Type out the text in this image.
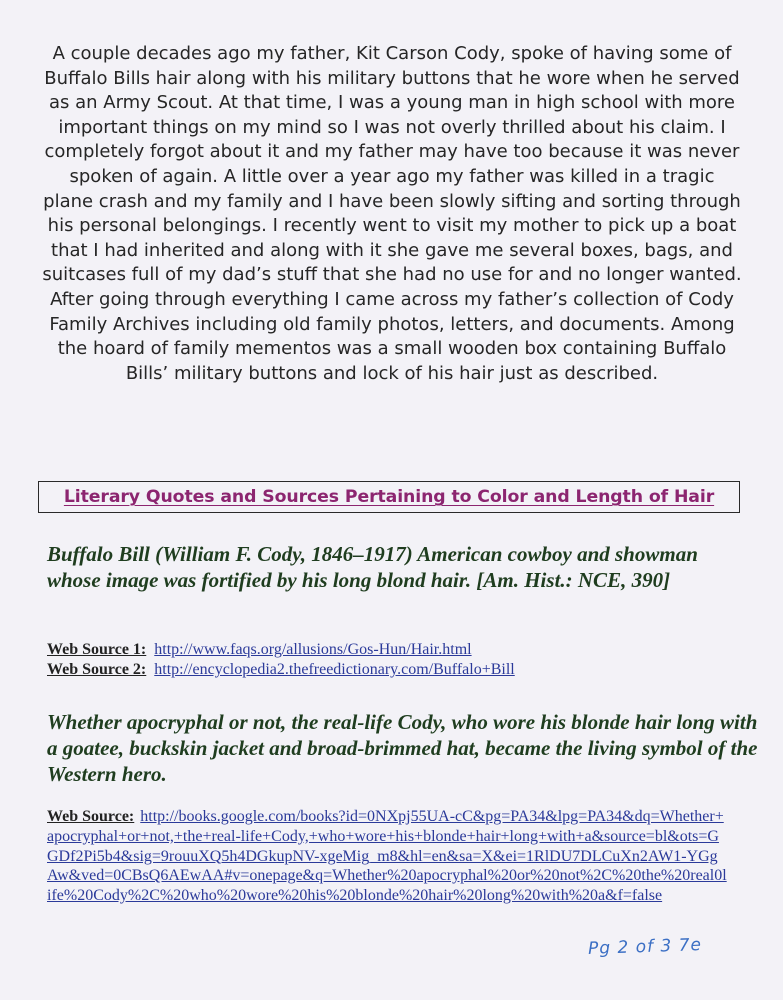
A couple decades ago my father, Kit Carson Cody, spoke of having some of Buffalo Bills hair along with his military buttons that he wore when he served as an Army Scout. At that time, I was a young man in high school with more important things on my mind so I was not overly thrilled about his claim. I completely forgot about it and my father may have too because it was never spoken of again. A little over a year ago my father was killed in a tragic plane crash and my family and I have been slowly sifting and sorting through his personal belongings. I recently went to visit my mother to pick up a boat that I had inherited and along with it she gave me several boxes, bags, and suitcases full of my dad’s stuff that she had no use for and no longer wanted. After going through everything I came across my father’s collection of Cody Family Archives including old family photos, letters, and documents. Among the hoard of family mementos was a small wooden box containing Buffalo Bills’ military buttons and lock of his hair just as described.

Literary Quotes and Sources Pertaining to Color and Length of Hair

Buffalo Bill (William F. Cody, 1846–1917) American cowboy and showman whose image was fortified by his long blond hair. [Am. Hist.: NCE, 390]

Web Source 1: http://www.faqs.org/allusions/Gos-Hun/Hair.html
Web Source 2: http://encyclopedia2.thefreedictionary.com/Buffalo+Bill

Whether apocryphal or not, the real-life Cody, who wore his blonde hair long with a goatee, buckskin jacket and broad-brimmed hat, became the living symbol of the Western hero.

Web Source: http://books.google.com/books?id=0NXpj55UA-cC&pg=PA34&lpg=PA34&dq=Whether+apocryphal+or+not,+the+real-life+Cody,+who+wore+his+blonde+hair+long+with+a&source=bl&ots=GGDf2Pi5b4&sig=9rouuXQ5h4DGkupNV-xgeMig_m8&hl=en&sa=X&ei=1RlDU7DLCuXn2AW1-YGgAw&ved=0CBsQ6AEwAA#v=onepage&q=Whether%20apocryphal%20or%20not%2C%20the%20real0life%20Cody%2C%20who%20wore%20his%20blonde%20hair%20long%20with%20a&f=false

Pg 2 of 3 7e
